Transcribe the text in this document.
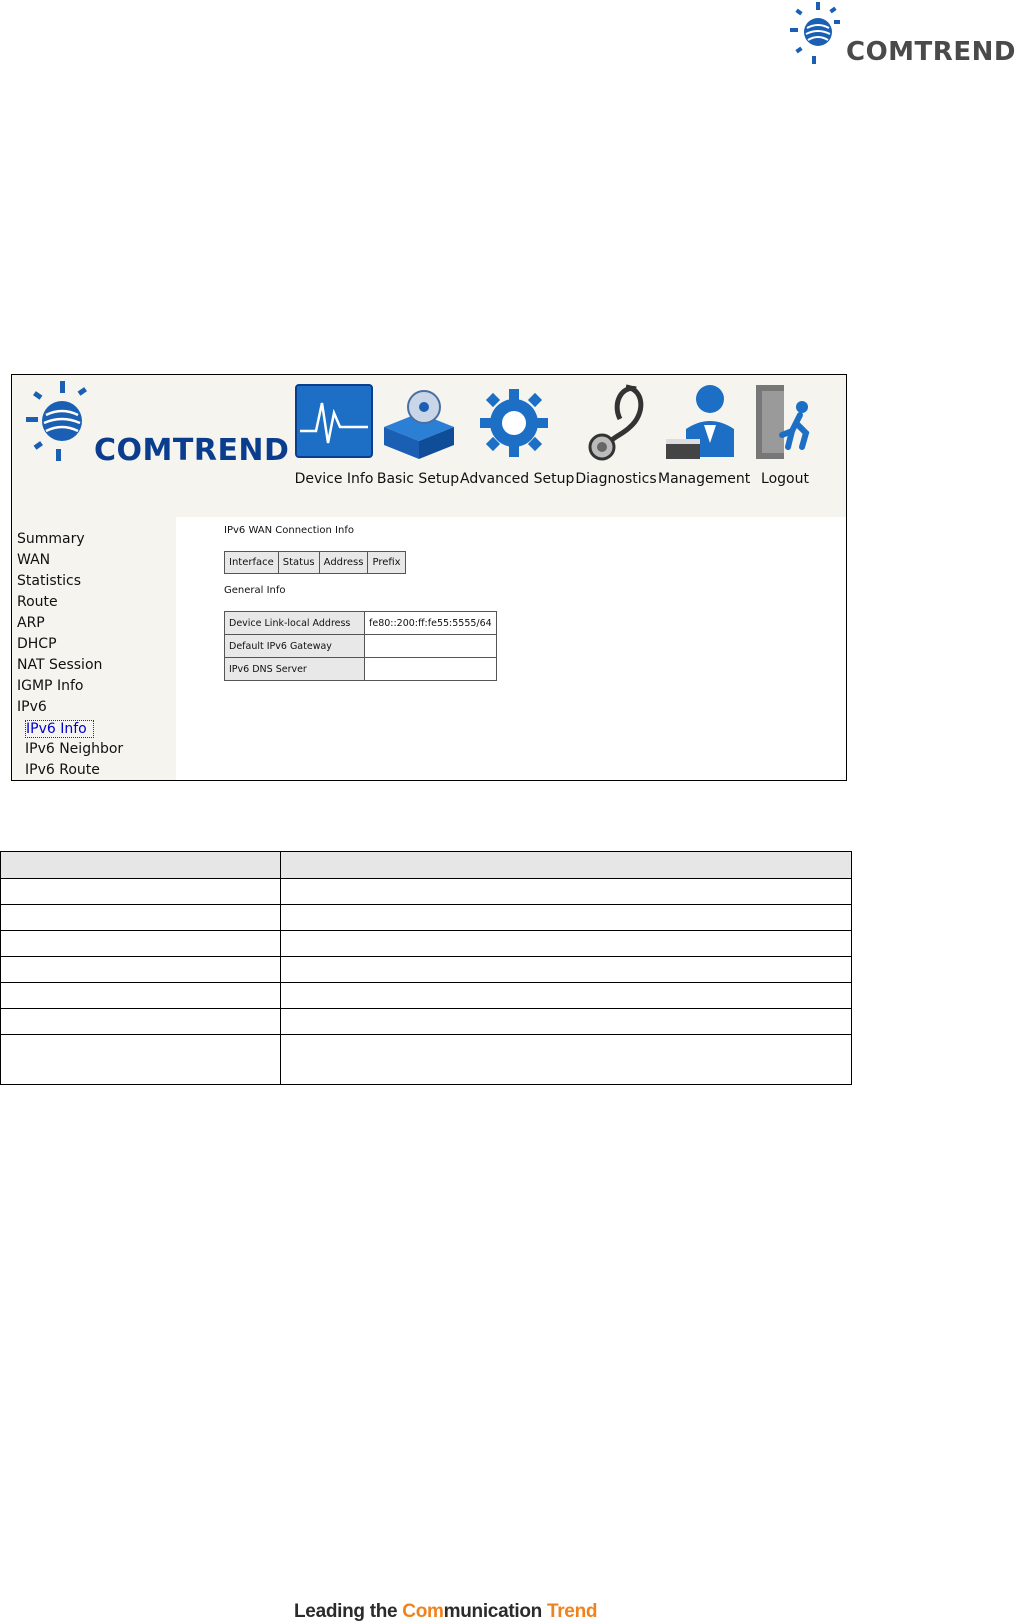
COMTREND
COMTREND
Device Info Basic Setup Advanced Setup Diagnostics Management Logout
Summary
WAN
Statistics
Route
ARP
DHCP
NAT Session
IGMP Info
IPv6
IPv6 Info
IPv6 Neighbor
IPv6 Route
IPv6 WAN Connection Info
Interface	Status	Address	Prefix
General Info
Device Link-local Address	fe80::200:ff:fe55:5555/64
Default IPv6 Gateway	
IPv6 DNS Server	

Leading the Communication Trend
